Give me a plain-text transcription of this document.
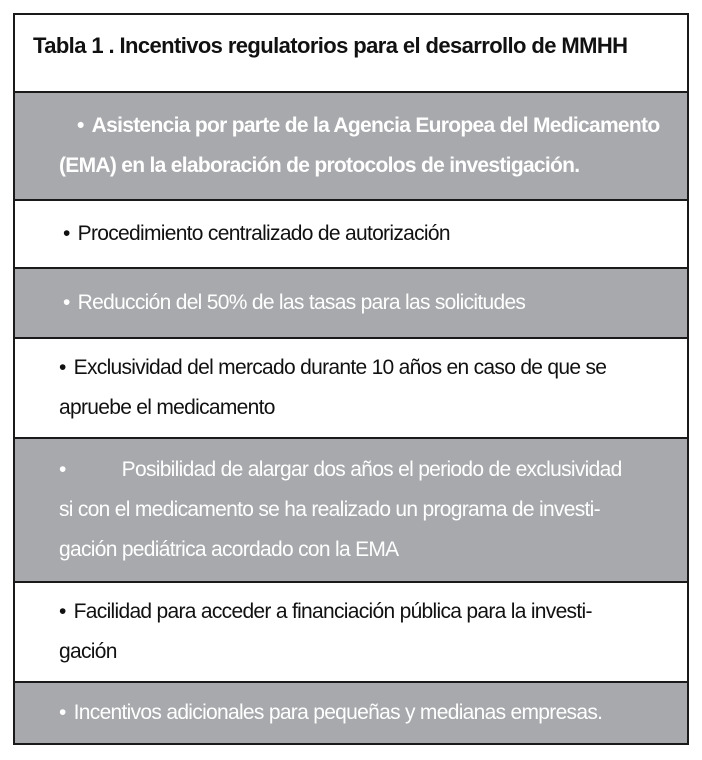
Tabla 1 . Incentivos regulatorios para el desarrollo de MMHH
• Asistencia por parte de la Agencia Europea del Medicamento
(EMA) en la elaboración de protocolos de investigación.
• Procedimiento centralizado de autorización
• Reducción del 50% de las tasas para las solicitudes
• Exclusividad del mercado durante 10 años en caso de que se
apruebe el medicamento
•	Posibilidad de alargar dos años el periodo de exclusividad
si con el medicamento se ha realizado un programa de investi-
gación pediátrica acordado con la EMA
• Facilidad para acceder a financiación pública para la investi-
gación
• Incentivos adicionales para pequeñas y medianas empresas.
